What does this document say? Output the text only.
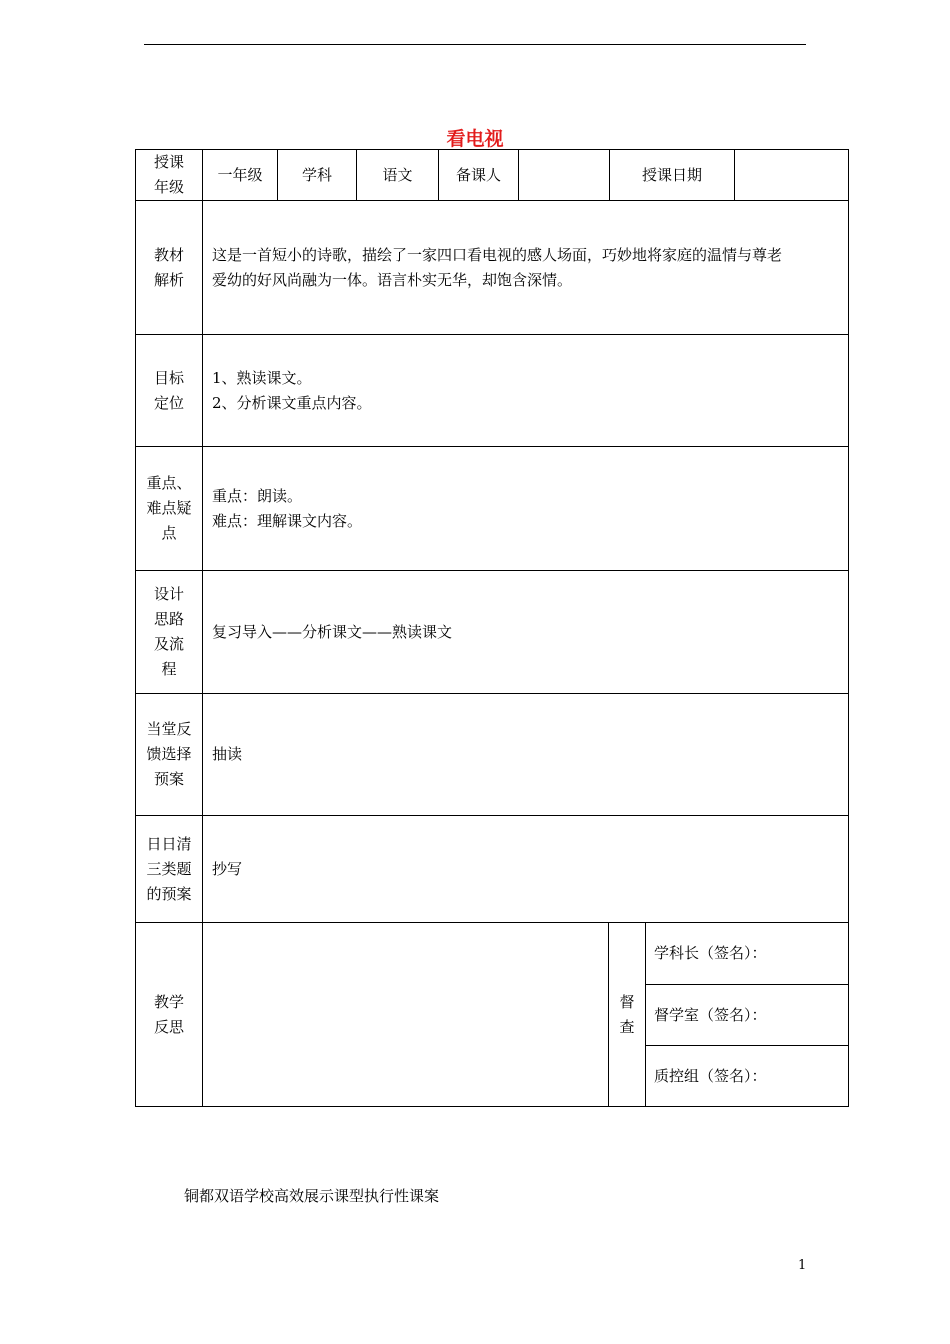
看电视
授课年级	一年级	学科	语文	备课人		授课日期		
教材解析	这是一首短小的诗歌，描绘了一家四口看电视的感人场面，巧妙地将家庭的温情与尊老
爱幼的好风尚融为一体。语言朴实无华，却饱含深情。							

目标定位	1、熟读课文。
2、分析课文重点内容。							

重点、难点疑点	重点：朗读。
难点：理解课文内容。							

设计思路及流程	复习导入——分析课文——熟读课文							

当堂反馈选择预案	抽读							

日日清三类题的预案	抄写							

教学反思						督查	学科长（签名）：	
							督学室（签名）：	
							质控组（签名）：	
铜都双语学校高效展示课型执行性课案
1
